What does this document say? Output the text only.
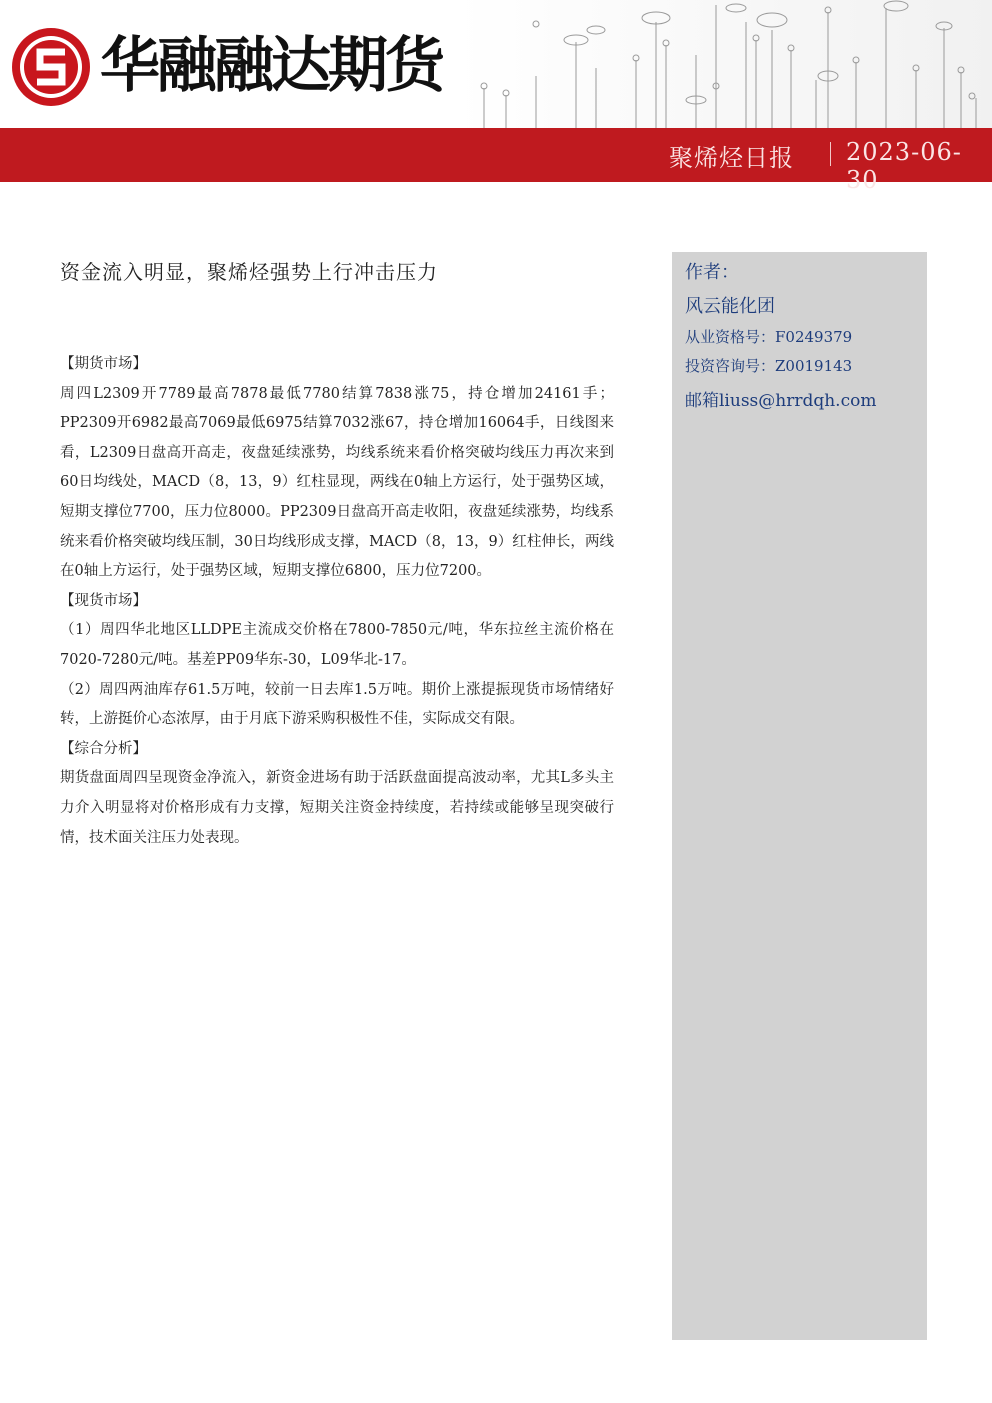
华融融达期货
聚烯烃日报 2023-06-30
资金流入明显，聚烯烃强势上行冲击压力

【期货市场】

周四L2309开7789最高7878最低7780结算7838涨75，持仓增加24161手；PP2309开6982最高7069最低6975结算7032涨67，持仓增加16064手，日线图来看，L2309日盘高开高走，夜盘延续涨势，均线系统来看价格突破均线压力再次来到60日均线处，MACD（8，13，9）红柱显现，两线在0轴上方运行，处于强势区域，短期支撑位7700，压力位8000。PP2309日盘高开高走收阳，夜盘延续涨势，均线系统来看价格突破均线压制，30日均线形成支撑，MACD（8，13，9）红柱伸长，两线在0轴上方运行，处于强势区域，短期支撑位6800，压力位7200。

【现货市场】

（1）周四华北地区LLDPE主流成交价格在7800-7850元/吨，华东拉丝主流价格在7020-7280元/吨。基差PP09华东-30，L09华北-17。

（2）周四两油库存61.5万吨，较前一日去库1.5万吨。期价上涨提振现货市场情绪好转，上游挺价心态浓厚，由于月底下游采购积极性不佳，实际成交有限。

【综合分析】

期货盘面周四呈现资金净流入，新资金进场有助于活跃盘面提高波动率，尤其L多头主力介入明显将对价格形成有力支撑，短期关注资金持续度，若持续或能够呈现突破行情，技术面关注压力处表现。

作者：
风云能化团
从业资格号：F0249379
投资咨询号：Z0019143
邮箱liuss@hrrdqh.com
